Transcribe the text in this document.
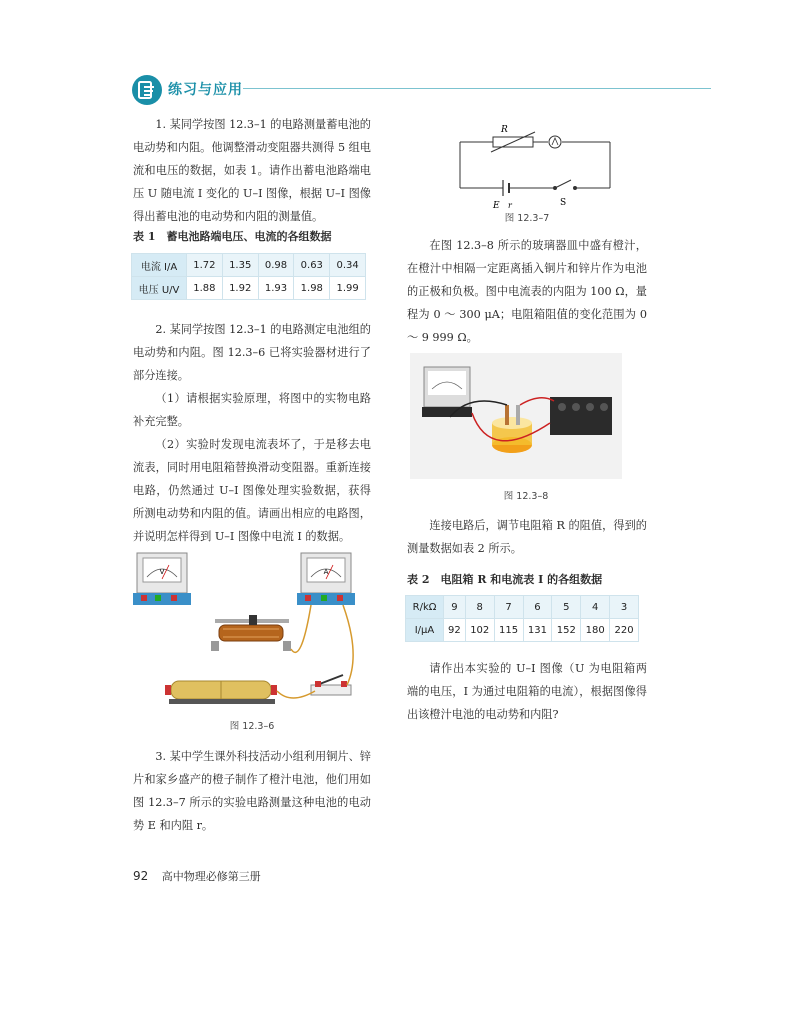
练习与应用

1. 某同学按图 12.3–1 的电路测量蓄电池的电动势和内阻。他调整滑动变阻器共测得 5 组电流和电压的数据，如表 1。请作出蓄电池路端电压 U 随电流 I 变化的 U–I 图像，根据 U–I 图像得出蓄电池的电动势和内阻的测量值。

表 1　蓄电池路端电压、电流的各组数据
电流 I/A	1.72	1.35	0.98	0.63	0.34
电压 U/V	1.88	1.92	1.93	1.98	1.99

2. 某同学按图 12.3–1 的电路测定电池组的电动势和内阻。图 12.3–6 已将实验器材进行了部分连接。

（1）请根据实验原理，将图中的实物电路补充完整。

（2）实验时发现电流表坏了，于是移去电流表，同时用电阻箱替换滑动变阻器。重新连接电路，仍然通过 U–I 图像处理实验数据，获得所测电动势和内阻的值。请画出相应的电路图，并说明怎样得到 U–I 图像中电流 I 的数据。

V	A
图 12.3–6

3. 某中学生课外科技活动小组利用铜片、锌片和家乡盛产的橙子制作了橙汁电池，他们用如图 12.3–7 所示的实验电路测量这种电池的电动势 E 和内阻 r。

R
E r	S
图 12.3–7

在图 12.3–8 所示的玻璃器皿中盛有橙汁，在橙汁中相隔一定距离插入铜片和锌片作为电池的正极和负极。图中电流表的内阻为 100 Ω，量程为 0 ～ 300 μA；电阻箱阻值的变化范围为 0 ～ 9 999 Ω。

图 12.3–8

连接电路后，调节电阻箱 R 的阻值，得到的测量数据如表 2 所示。

表 2　电阻箱 R 和电流表 I 的各组数据
R/kΩ	9	8	7	6	5	4	3
I/μA	92	102	115	131	152	180	220

请作出本实验的 U–I 图像（U 为电阻箱两端的电压，I 为通过电阻箱的电流），根据图像得出该橙汁电池的电动势和内阻?

92 高中物理必修第三册
